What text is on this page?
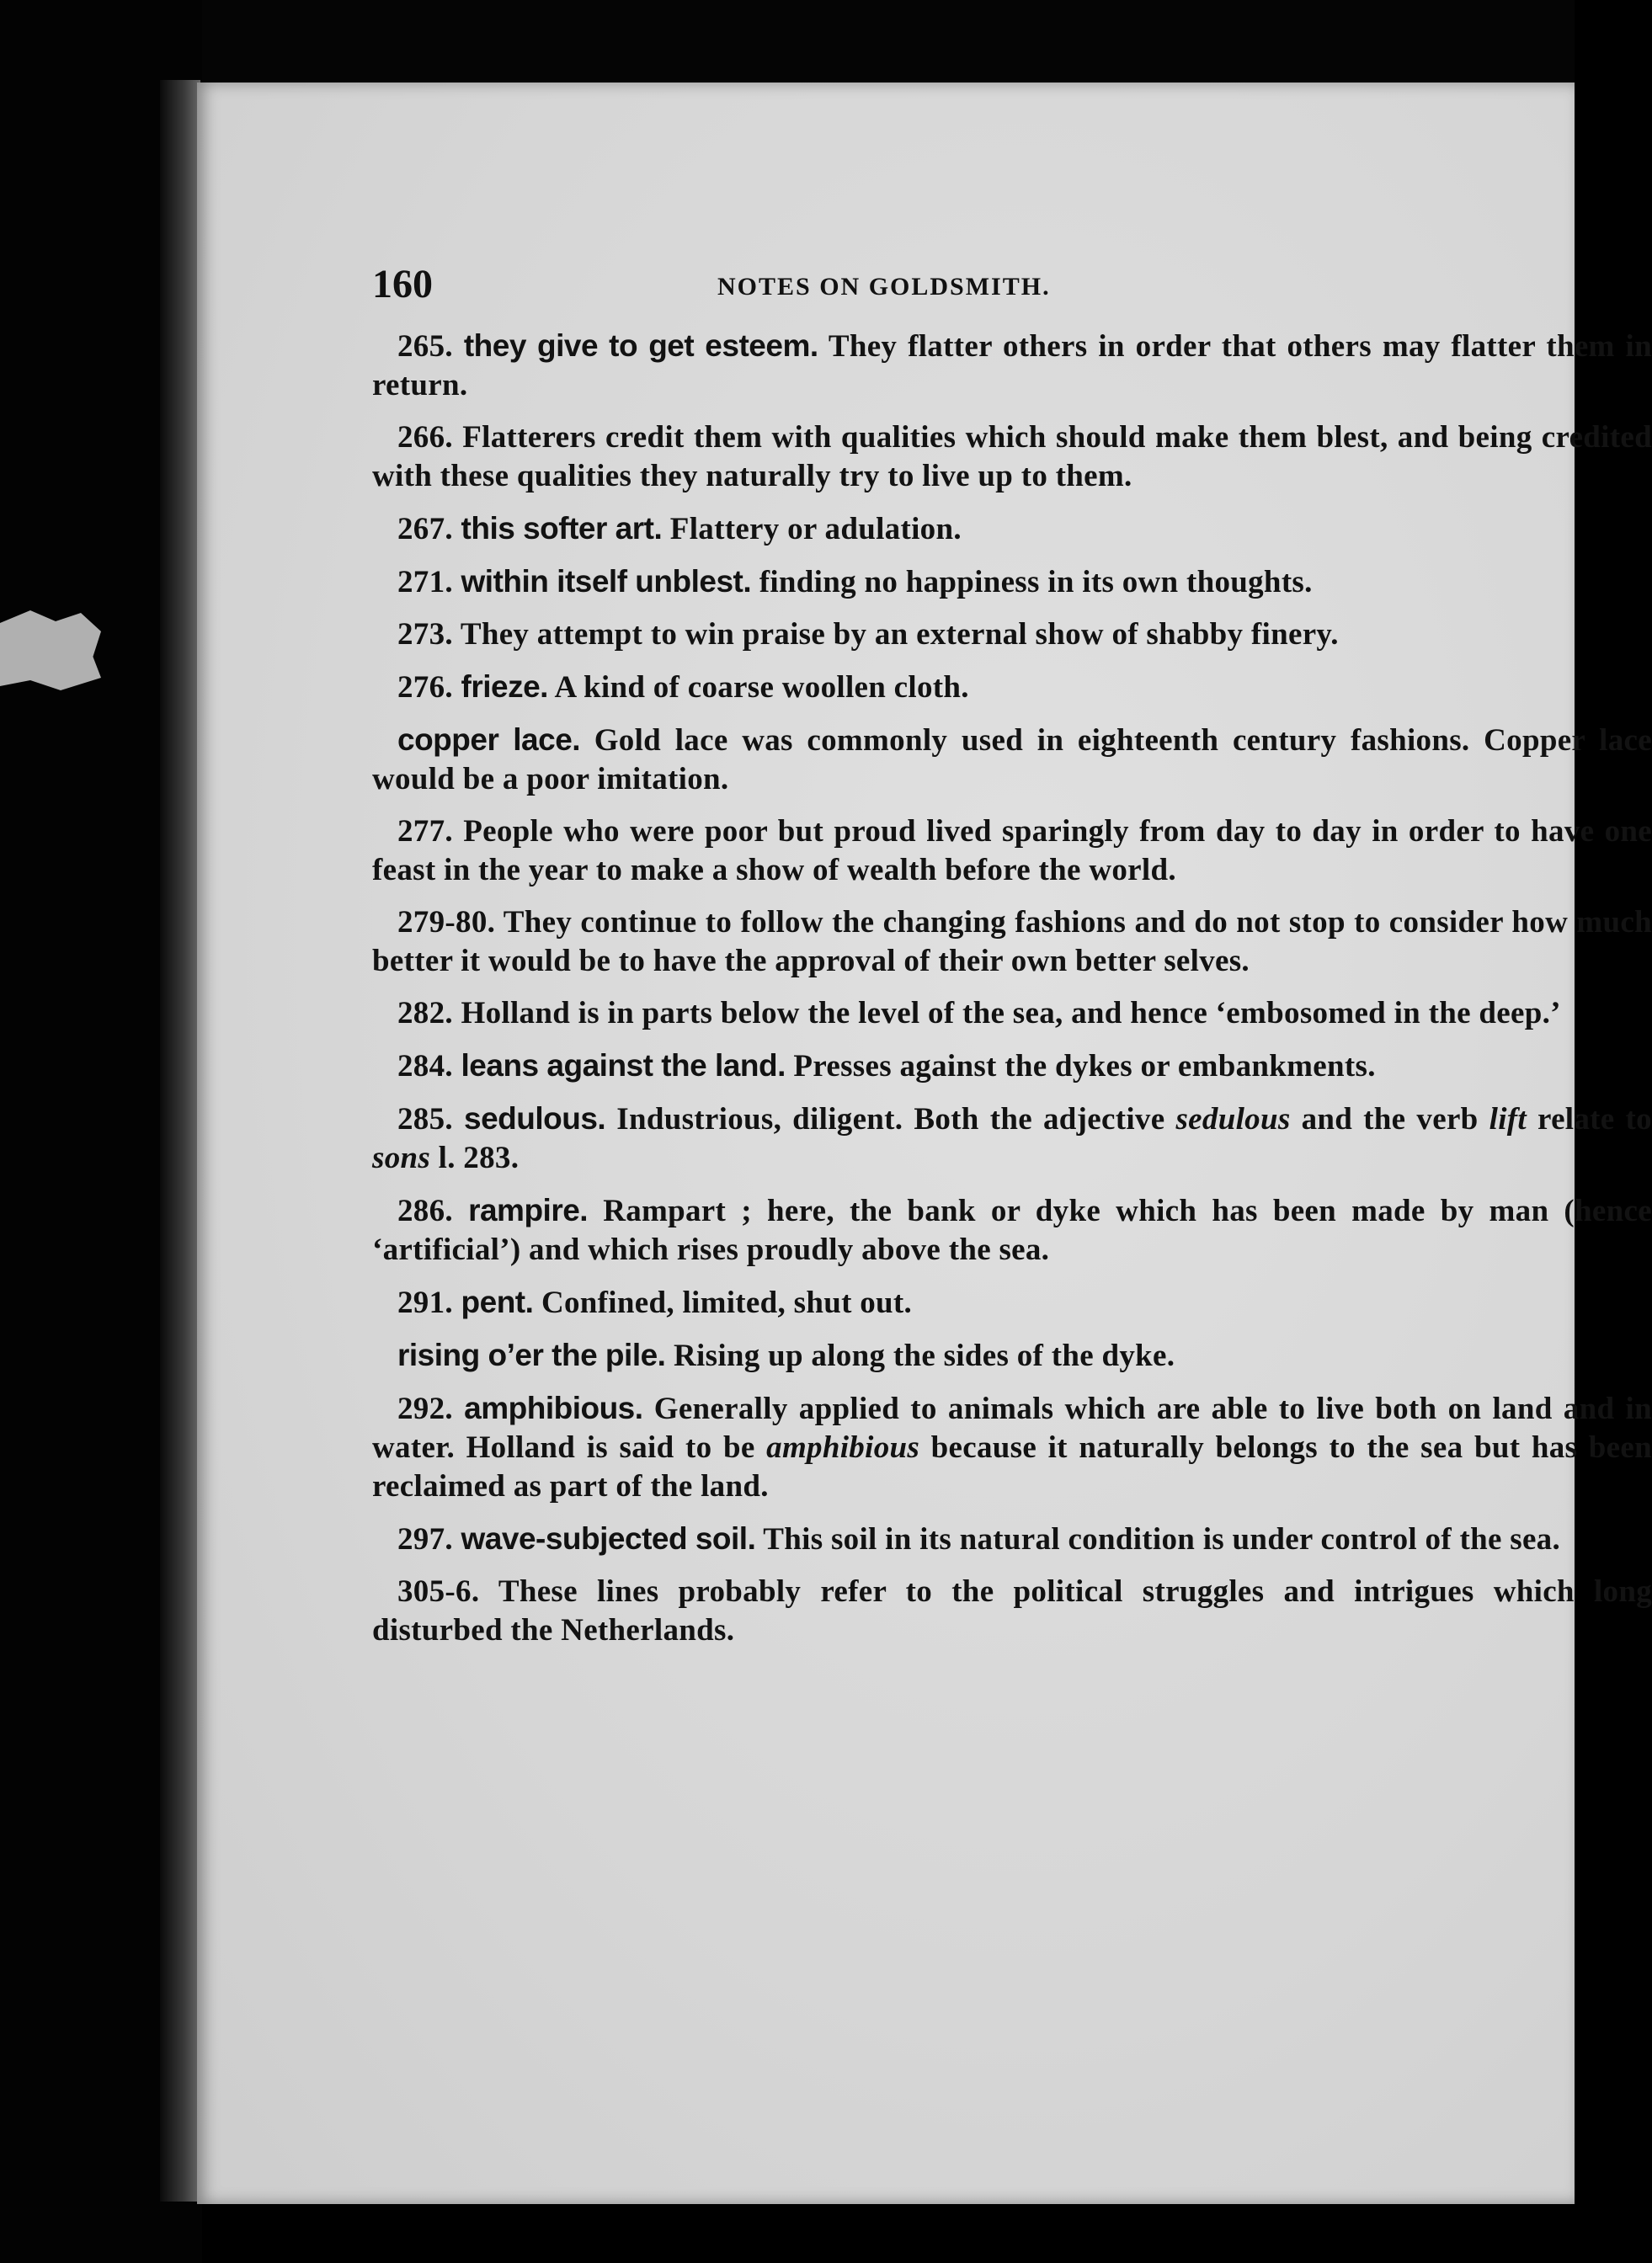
160	NOTES ON GOLDSMITH.

265. they give to get esteem. They flatter others in order that others may flatter them in return.

266. Flatterers credit them with qualities which should make them blest, and being credited with these qualities they naturally try to live up to them.

267. this softer art. Flattery or adulation.

271. within itself unblest. finding no happiness in its own thoughts.

273. They attempt to win praise by an external show of shabby finery.

276. frieze. A kind of coarse woollen cloth.

copper lace. Gold lace was commonly used in eighteenth century fashions. Copper lace would be a poor imitation.

277. People who were poor but proud lived sparingly from day to day in order to have one feast in the year to make a show of wealth before the world.

279-80. They continue to follow the changing fashions and do not stop to consider how much better it would be to have the approval of their own better selves.

282. Holland is in parts below the level of the sea, and hence ‘embosomed in the deep.’

284. leans against the land. Presses against the dykes or embankments.

285. sedulous. Industrious, diligent. Both the adjective sedulous and the verb lift relate to sons l. 283.

286. rampire. Rampart ; here, the bank or dyke which has been made by man (hence ‘artificial’) and which rises proudly above the sea.

291. pent. Confined, limited, shut out.

rising o’er the pile. Rising up along the sides of the dyke.

292. amphibious. Generally applied to animals which are able to live both on land and in water. Holland is said to be amphibious because it naturally belongs to the sea but has been reclaimed as part of the land.

297. wave-subjected soil. This soil in its natural condition is under control of the sea.

305-6. These lines probably refer to the political struggles and intrigues which long disturbed the Netherlands.
